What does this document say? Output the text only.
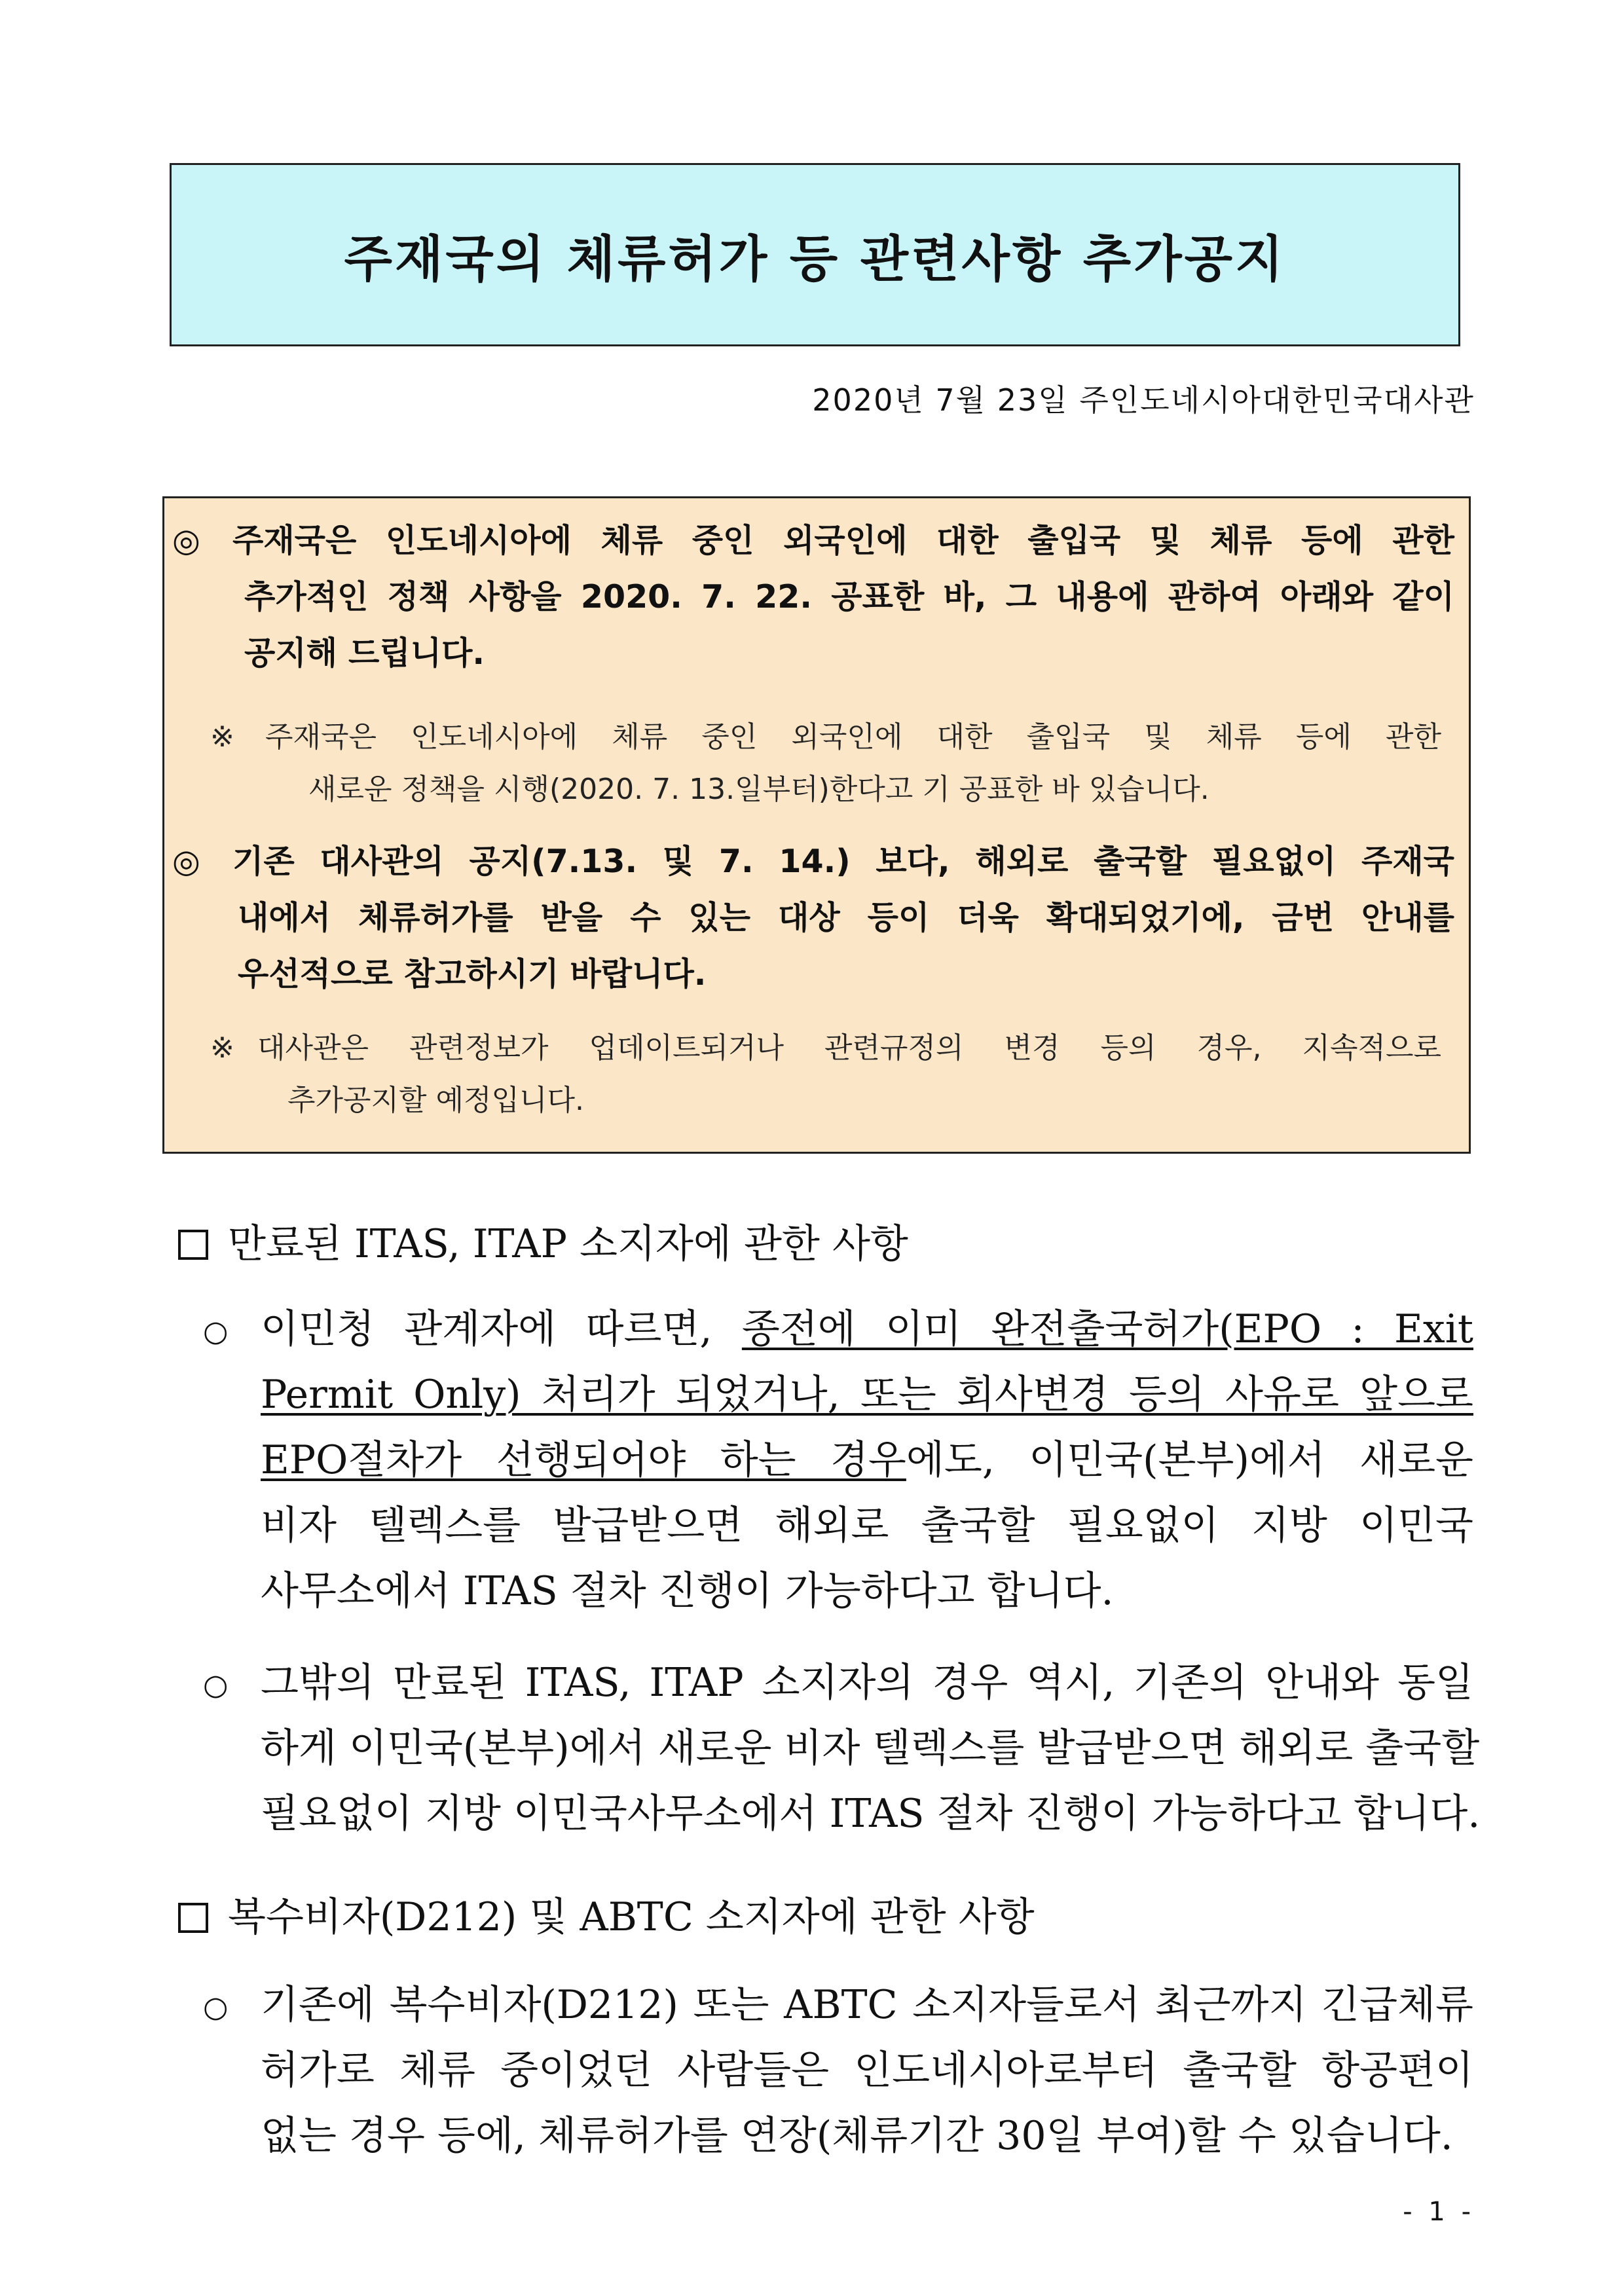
주재국의 체류허가 등 관련사항 추가공지
2020년 7월 23일 주인도네시아대한민국대사관
◎ 주재국은 인도네시아에 체류 중인 외국인에 대한 출입국 및 체류 등에 관한
추가적인 정책 사항을 2020. 7. 22. 공표한 바, 그 내용에 관하여 아래와 같이
공지해 드립니다.
※ 주재국은 인도네시아에 체류 중인 외국인에 대한 출입국 및 체류 등에 관한
새로운 정책을 시행(2020. 7. 13.일부터)한다고 기 공표한 바 있습니다.
◎ 기존 대사관의 공지(7.13. 및 7. 14.) 보다, 해외로 출국할 필요없이 주재국
내에서 체류허가를 받을 수 있는 대상 등이 더욱 확대되었기에, 금번 안내를
우선적으로 참고하시기 바랍니다.
※ 대사관은 관련정보가 업데이트되거나 관련규정의 변경 등의 경우, 지속적으로
추가공지할 예정입니다.
만료된 ITAS, ITAP 소지자에 관한 사항
○ 이민청 관계자에 따르면, 종전에 이미 완전출국허가(EPO : Exit
Permit Only) 처리가 되었거나, 또는 회사변경 등의 사유로 앞으로
EPO절차가 선행되어야 하는 경우에도, 이민국(본부)에서 새로운
비자 텔렉스를 발급받으면 해외로 출국할 필요없이 지방 이민국
사무소에서 ITAS 절차 진행이 가능하다고 합니다.
○ 그밖의 만료된 ITAS, ITAP 소지자의 경우 역시, 기존의 안내와 동일
하게 이민국(본부)에서 새로운 비자 텔렉스를 발급받으면 해외로 출국할
필요없이 지방 이민국사무소에서 ITAS 절차 진행이 가능하다고 합니다.
복수비자(D212) 및 ABTC 소지자에 관한 사항
○ 기존에 복수비자(D212) 또는 ABTC 소지자들로서 최근까지 긴급체류
허가로 체류 중이었던 사람들은 인도네시아로부터 출국할 항공편이
없는 경우 등에, 체류허가를 연장(체류기간 30일 부여)할 수 있습니다.
- 1 -
